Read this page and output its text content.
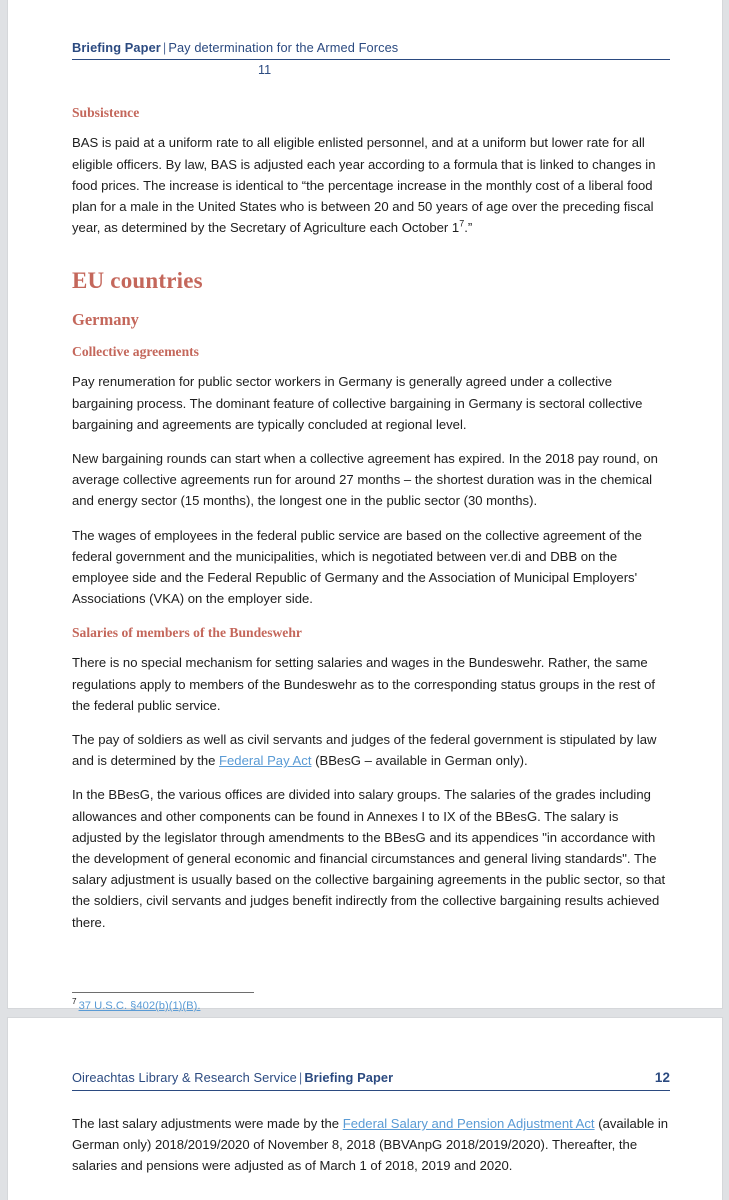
Briefing Paper | Pay determination for the Armed Forces
11
Subsistence

BAS is paid at a uniform rate to all eligible enlisted personnel, and at a uniform but lower rate for all eligible officers. By law, BAS is adjusted each year according to a formula that is linked to changes in food prices. The increase is identical to “the percentage increase in the monthly cost of a liberal food plan for a male in the United States who is between 20 and 50 years of age over the preceding fiscal year, as determined by the Secretary of Agriculture each October 1$^7$.”

EU countries
Germany
Collective agreements

Pay renumeration for public sector workers in Germany is generally agreed under a collective bargaining process. The dominant feature of collective bargaining in Germany is sectoral collective bargaining and agreements are typically concluded at regional level.

New bargaining rounds can start when a collective agreement has expired. In the 2018 pay round, on average collective agreements run for around 27 months – the shortest duration was in the chemical and energy sector (15 months), the longest one in the public sector (30 months).

The wages of employees in the federal public service are based on the collective agreement of the federal government and the municipalities, which is negotiated between ver.di and DBB on the employee side and the Federal Republic of Germany and the Association of Municipal Employers' Associations (VKA) on the employer side.

Salaries of members of the Bundeswehr

There is no special mechanism for setting salaries and wages in the Bundeswehr. Rather, the same regulations apply to members of the Bundeswehr as to the corresponding status groups in the rest of the federal public service.

The pay of soldiers as well as civil servants and judges of the federal government is stipulated by law and is determined by the Federal Pay Act (BBesG – available in German only).

In the BBesG, the various offices are divided into salary groups. The salaries of the grades including allowances and other components can be found in Annexes I to IX of the BBesG. The salary is adjusted by the legislator through amendments to the BBesG and its appendices "in accordance with the development of general economic and financial circumstances and general living standards". The salary adjustment is usually based on the collective bargaining agreements in the public sector, so that the soldiers, civil servants and judges benefit indirectly from the collective bargaining results achieved there.

$^7$ 37 U.S.C. §402(b)(1)(B).
Oireachtas Library & Research Service | Briefing Paper	12

The last salary adjustments were made by the Federal Salary and Pension Adjustment Act (available in German only) 2018/2019/2020 of November 8, 2018 (BBVAnpG 2018/2019/2020). Thereafter, the salaries and pensions were adjusted as of March 1 of 2018, 2019 and 2020.
